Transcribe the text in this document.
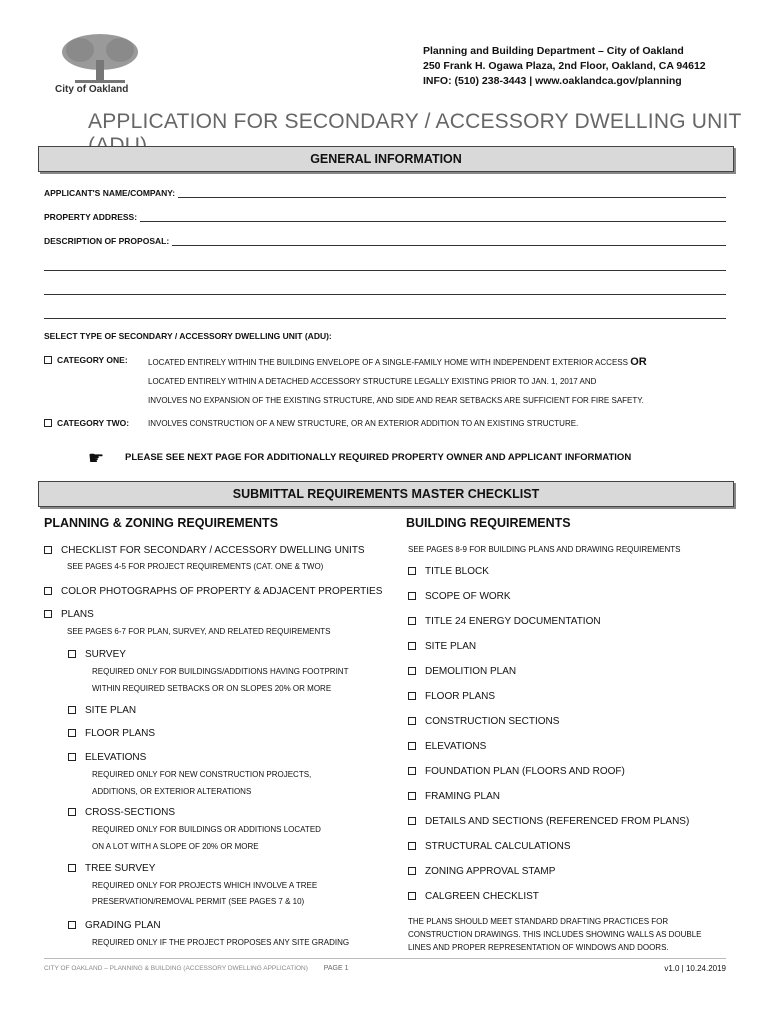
City of Oakland
Planning and Building Department – City of Oakland
250 Frank H. Ogawa Plaza, 2nd Floor, Oakland, CA 94612
INFO: (510) 238-3443 | www.oaklandca.gov/planning
APPLICATION FOR SECONDARY / ACCESSORY DWELLING UNIT
GENERAL INFORMATION
APPLICANT'S NAME/COMPANY:
PROPERTY ADDRESS:
DESCRIPTION OF PROPOSAL:
SELECT TYPE OF SECONDARY / ACCESSORY DWELLING UNIT (ADU):
CATEGORY ONE:	LOCATED ENTIRELY WITHIN THE BUILDING ENVELOPE OF A SINGLE-FAMILY HOME WITH INDEPENDENT EXTERIOR ACCESS OR
LOCATED ENTIRELY WITHIN A DETACHED ACCESSORY STRUCTURE LEGALLY EXISTING PRIOR TO JAN. 1, 2017 AND
INVOLVES NO EXPANSION OF THE EXISTING STRUCTURE, AND SIDE AND REAR SETBACKS ARE SUFFICIENT FOR FIRE SAFETY.
CATEGORY TWO: INVOLVES CONSTRUCTION OF A NEW STRUCTURE, OR AN EXTERIOR ADDITION TO AN EXISTING STRUCTURE.
☛ PLEASE SEE NEXT PAGE FOR ADDITIONALLY REQUIRED PROPERTY OWNER AND APPLICANT INFORMATION
SUBMITTAL REQUIREMENTS MASTER CHECKLIST
PLANNING & ZONING REQUIREMENTS	BUILDING REQUIREMENTS
CHECKLIST FOR SECONDARY / ACCESSORY DWELLING UNITS
SEE PAGES 4-5 FOR PROJECT REQUIREMENTS (CAT. ONE & TWO)
COLOR PHOTOGRAPHS OF PROPERTY & ADJACENT PROPERTIES
PLANS
SEE PAGES 6-7 FOR PLAN, SURVEY, AND RELATED REQUIREMENTS
SURVEY
REQUIRED ONLY FOR BUILDINGS/ADDITIONS HAVING FOOTPRINT
WITHIN REQUIRED SETBACKS OR ON SLOPES 20% OR MORE
SITE PLAN
FLOOR PLANS
ELEVATIONS
REQUIRED ONLY FOR NEW CONSTRUCTION PROJECTS,
ADDITIONS, OR EXTERIOR ALTERATIONS
CROSS-SECTIONS
REQUIRED ONLY FOR BUILDINGS OR ADDITIONS LOCATED
ON A LOT WITH A SLOPE OF 20% OR MORE
TREE SURVEY
REQUIRED ONLY FOR PROJECTS WHICH INVOLVE A TREE
PRESERVATION/REMOVAL PERMIT (SEE PAGES 7 & 10)
GRADING PLAN
REQUIRED ONLY IF THE PROJECT PROPOSES ANY SITE GRADING
SEE PAGES 8-9 FOR BUILDING PLANS AND DRAWING REQUIREMENTS
TITLE BLOCK
SCOPE OF WORK
TITLE 24 ENERGY DOCUMENTATION
SITE PLAN
DEMOLITION PLAN
FLOOR PLANS
CONSTRUCTION SECTIONS
ELEVATIONS
FOUNDATION PLAN (FLOORS AND ROOF)
FRAMING PLAN
DETAILS AND SECTIONS (REFERENCED FROM PLANS)
STRUCTURAL CALCULATIONS
ZONING APPROVAL STAMP
CALGREEN CHECKLIST
THE PLANS SHOULD MEET STANDARD DRAFTING PRACTICES FOR
CONSTRUCTION DRAWINGS. THIS INCLUDES SHOWING WALLS AS DOUBLE
LINES AND PROPER REPRESENTATION OF WINDOWS AND DOORS.
CITY OF OAKLAND – PLANNING & BUILDING (ACCESSORY DWELLING APPLICATION) PAGE 1	v1.0 | 10.24.2019
